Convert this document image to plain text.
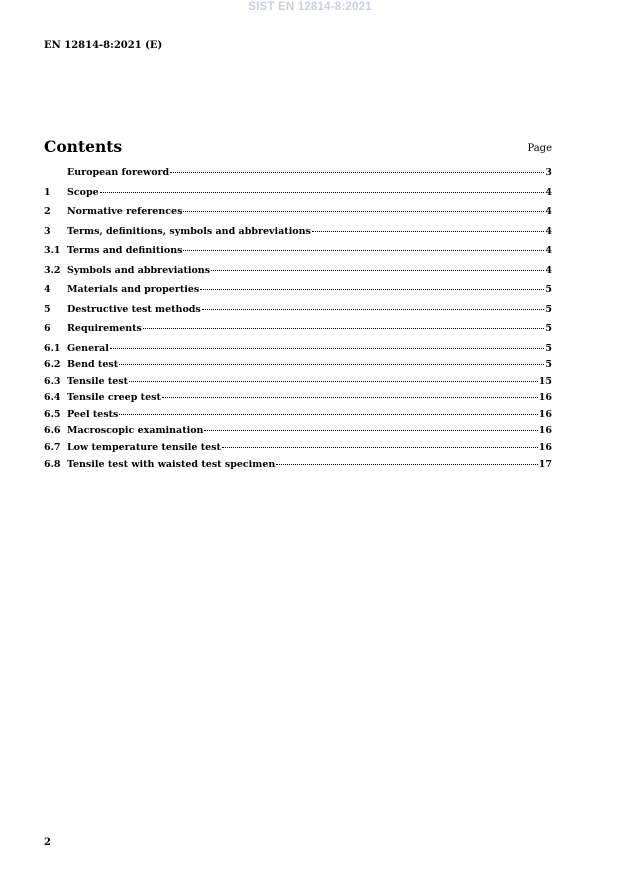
SIST EN 12814-8:2021
EN 12814-8:2021 (E)
Contents	Page
European foreword	3
1	Scope	4
2	Normative references	4
3	Terms, definitions, symbols and abbreviations	4
3.1 Terms and definitions	4
3.2 Symbols and abbreviations	4
4	Materials and properties	5
5	Destructive test methods	5
6	Requirements	5
6.1 General	5
6.2 Bend test	5
6.3 Tensile test	15
6.4 Tensile creep test	16
6.5 Peel tests	16
6.6 Macroscopic examination	16
6.7 Low temperature tensile test	16
6.8 Tensile test with waisted test specimen	17
2
